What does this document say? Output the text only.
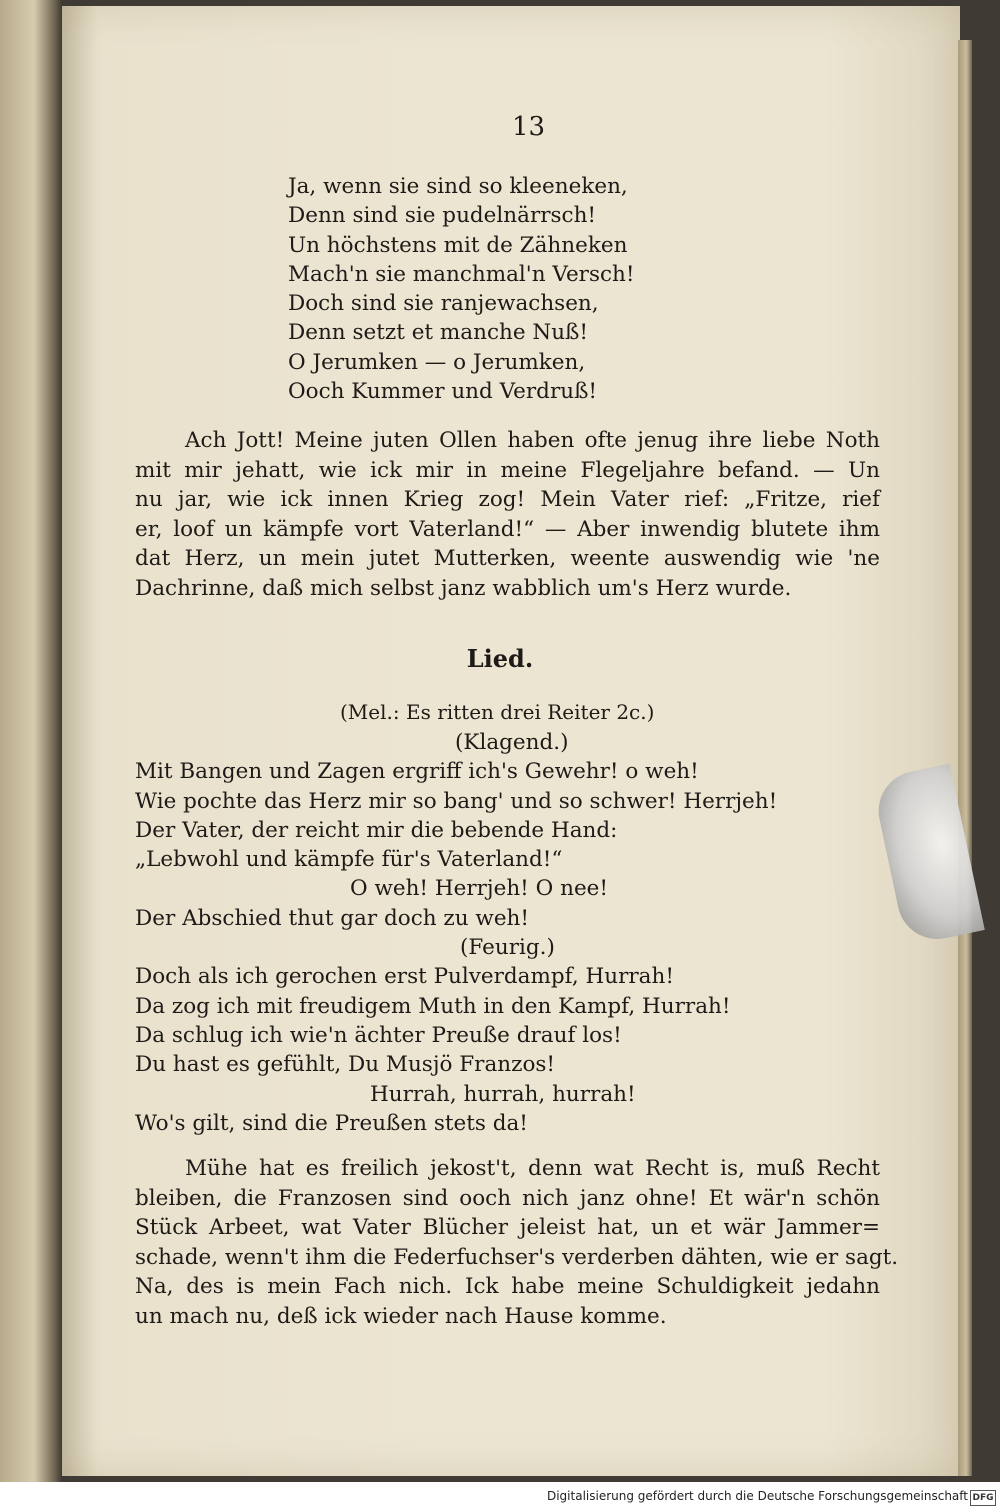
13
Ja, wenn sie sind so kleeneken,
Denn sind sie pudelnärrsch!
Un höchstens mit de Zähneken
Mach'n sie manchmal'n Versch!
Doch sind sie ranjewachsen,
Denn setzt et manche Nuß!
O Jerumken — o Jerumken,
Ooch Kummer und Verdruß!
Ach Jott! Meine juten Ollen haben ofte jenug ihre liebe Noth
mit mir jehatt, wie ick mir in meine Flegeljahre befand. — Un
nu jar, wie ick innen Krieg zog! Mein Vater rief: „Fritze, rief
er, loof un kämpfe vort Vaterland!“ — Aber inwendig blutete ihm
dat Herz, un mein jutet Mutterken, weente auswendig wie 'ne
Dachrinne, daß mich selbst janz wabblich um's Herz wurde.
Lied.
(Mel.: Es ritten drei Reiter 2c.)
(Klagend.)
Mit Bangen und Zagen ergriff ich's Gewehr! o weh!
Wie pochte das Herz mir so bang' und so schwer! Herrjeh!
Der Vater, der reicht mir die bebende Hand:
„Lebwohl und kämpfe für's Vaterland!“
O weh! Herrjeh! O nee!
Der Abschied thut gar doch zu weh!
(Feurig.)
Doch als ich gerochen erst Pulverdampf, Hurrah!
Da zog ich mit freudigem Muth in den Kampf, Hurrah!
Da schlug ich wie'n ächter Preuße drauf los!
Du hast es gefühlt, Du Musjö Franzos!
Hurrah, hurrah, hurrah!
Wo's gilt, sind die Preußen stets da!
Mühe hat es freilich jekost't, denn wat Recht is, muß Recht
bleiben, die Franzosen sind ooch nich janz ohne! Et wär'n schön
Stück Arbeet, wat Vater Blücher jeleist hat, un et wär Jammer=
schade, wenn't ihm die Federfuchser's verderben dähten, wie er sagt.
Na, des is mein Fach nich. Ick habe meine Schuldigkeit jedahn
un mach nu, deß ick wieder nach Hause komme.
Digitalisierung gefördert durch die Deutsche Forschungsgemeinschaft DFG
